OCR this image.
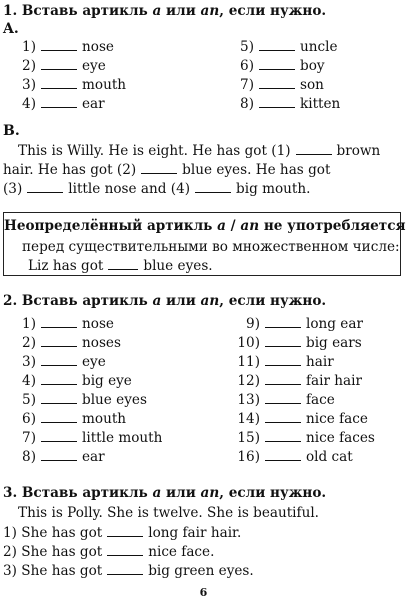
1. Вставь артикль a или an, если нужно.
A.
1)	nose
2)	eye
3)	mouth
4)	ear
5)	uncle
6)	boy
7)	son
8)	kitten
B.
This is Willy. He is eight. He has got (1)	brown
hair. He has got (2)	blue eyes. He has got
(3)	little nose and (4)	big mouth.
Неопределённый артикль a / an не употребляется
перед существительными во множественном числе:
Liz has got	blue eyes.
2. Вставь артикль a или an, если нужно.
1)	nose
2)	noses
3)	eye
4)	big eye
5)	blue eyes
6)	mouth
7)	little mouth
8)	ear
9)	long ear
10)	big ears
11)	hair
12)	fair hair
13)	face
14)	nice face
15)	nice faces
16)	old cat
3. Вставь артикль a или an, если нужно.
This is Polly. She is twelve. She is beautiful.
1) She has got	long fair hair.
2) She has got	nice face.
3) She has got	big green eyes.
6
